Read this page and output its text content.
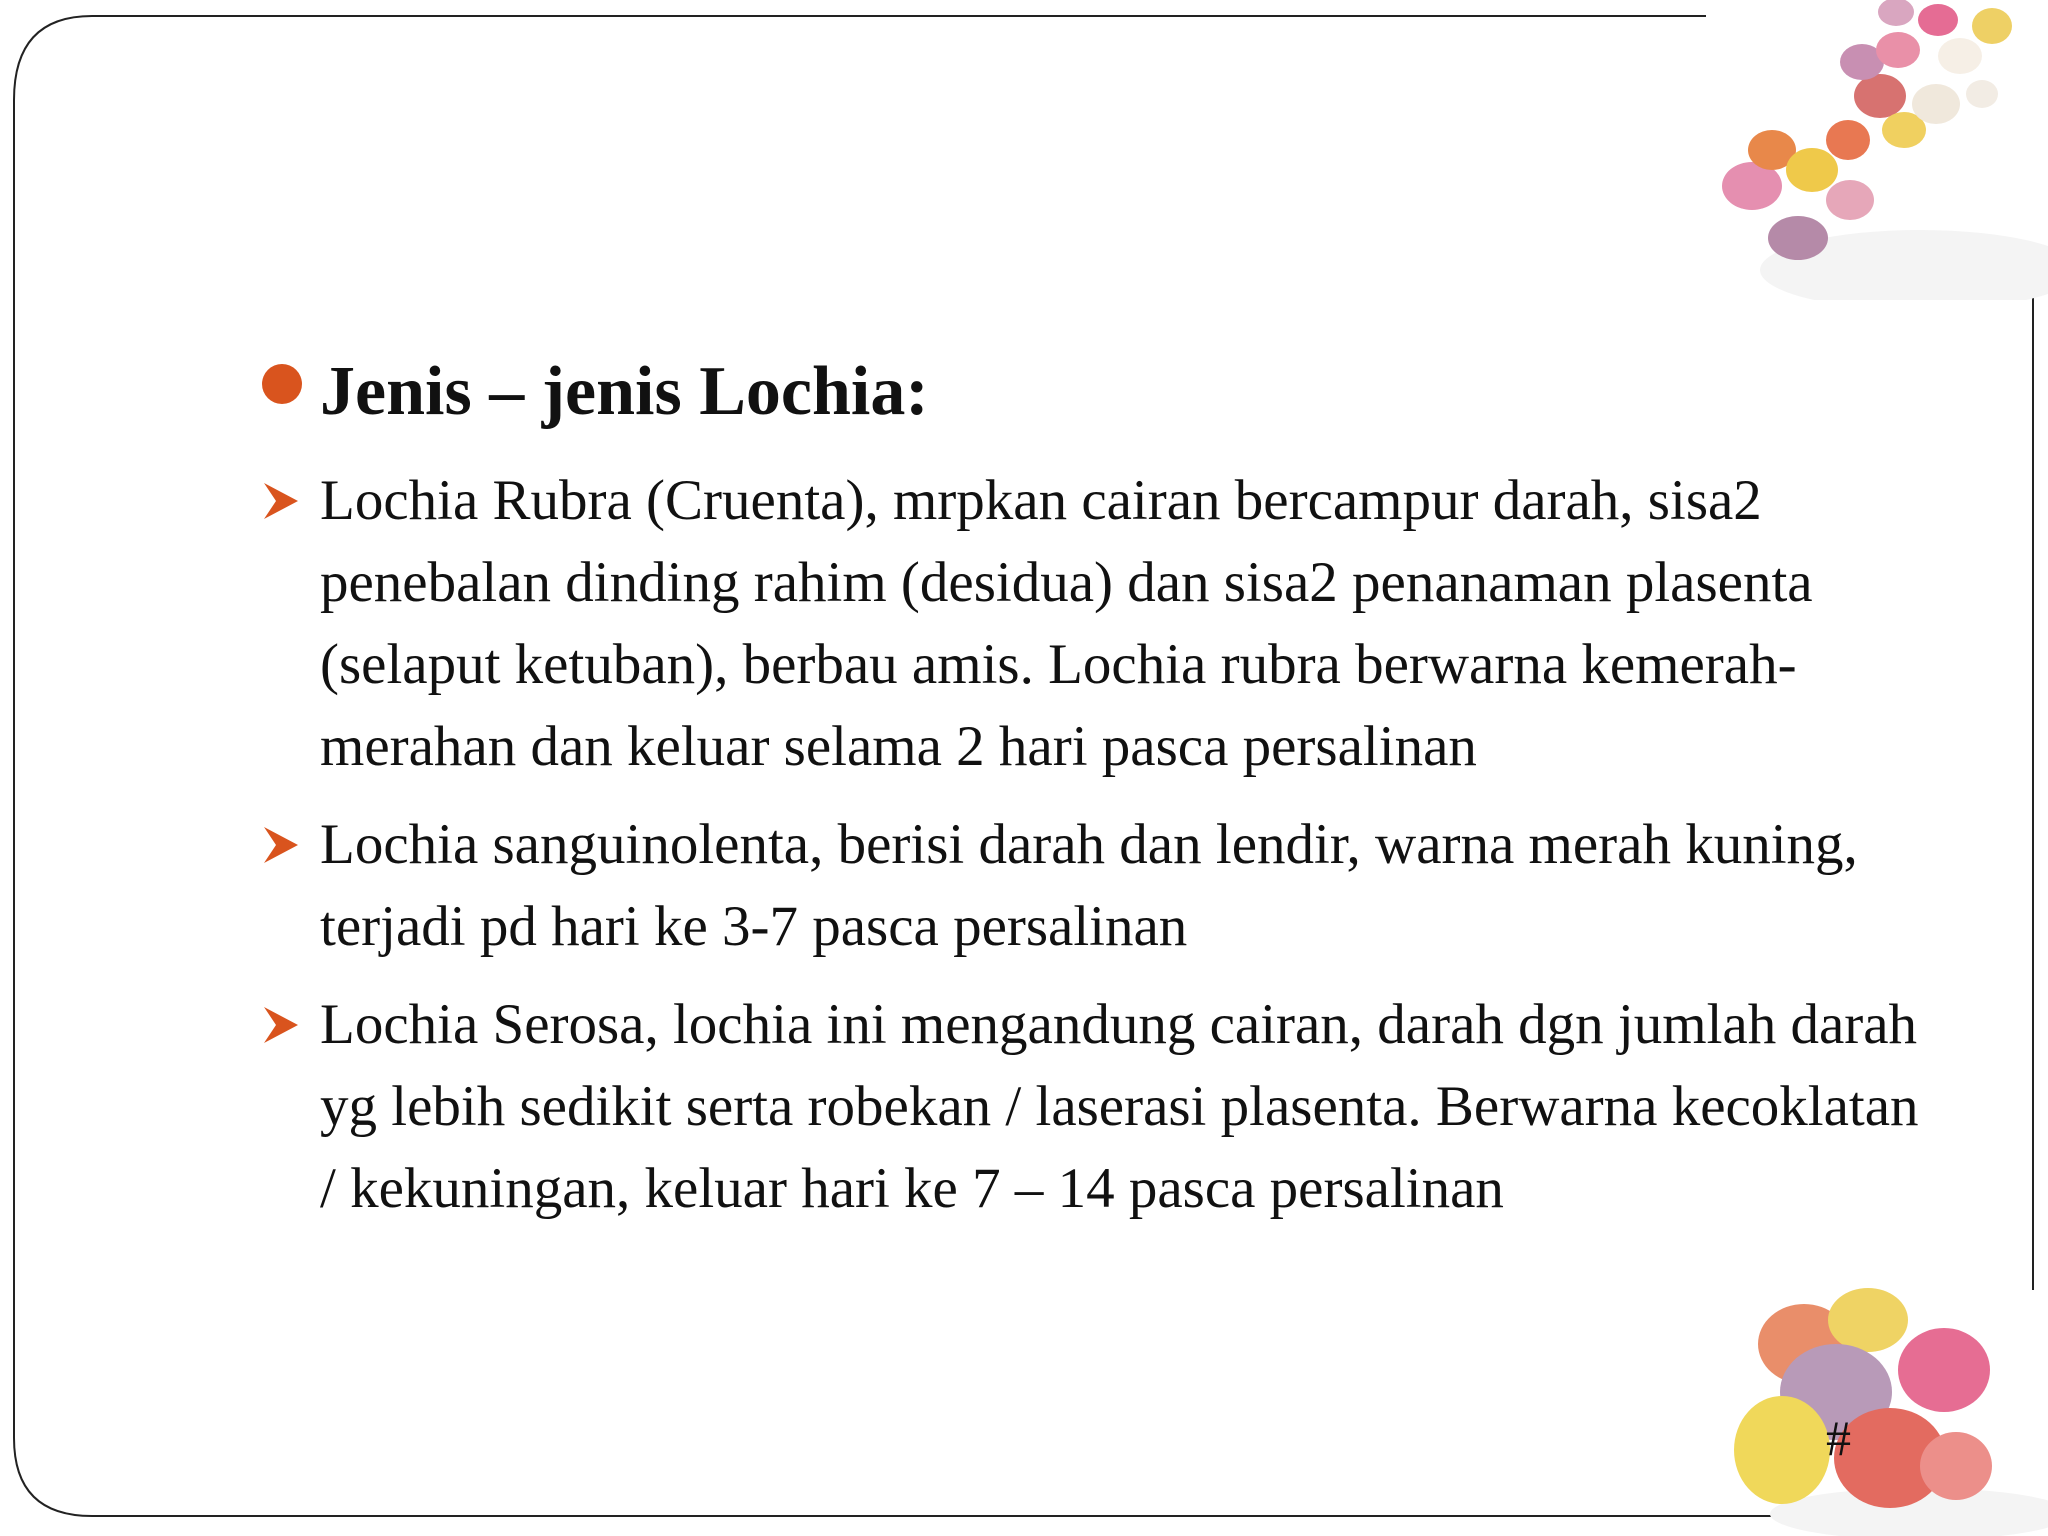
Jenis – jenis Lochia:
Lochia Rubra (Cruenta), mrpkan cairan bercampur darah, sisa2 penebalan dinding rahim (desidua) dan sisa2 penanaman plasenta (selaput ketuban), berbau amis. Lochia rubra berwarna kemerah-merahan dan keluar selama 2 hari pasca persalinan
Lochia sanguinolenta, berisi darah dan lendir, warna merah kuning, terjadi pd hari ke 3-7 pasca persalinan
Lochia Serosa, lochia ini mengandung cairan, darah dgn jumlah darah yg lebih sedikit serta robekan / laserasi plasenta. Berwarna kecoklatan / kekuningan, keluar hari ke 7 – 14 pasca persalinan
#
